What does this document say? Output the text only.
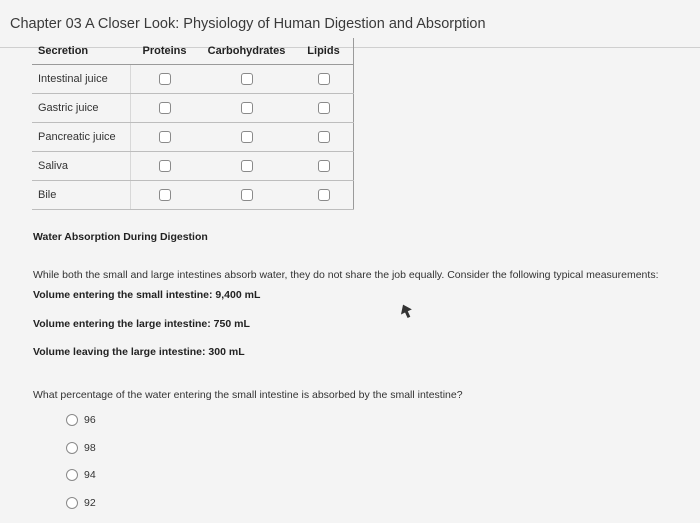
Chapter 03 A Closer Look: Physiology of Human Digestion and Absorption
Secretion	Proteins	Carbohydrates	Lipids
Intestinal juice			
Gastric juice			
Pancreatic juice			
Saliva			
Bile			
Water Absorption During Digestion
While both the small and large intestines absorb water, they do not share the job equally. Consider the following typical measurements:
Volume entering the small intestine: 9,400 mL
Volume entering the large intestine: 750 mL
Volume leaving the large intestine: 300 mL
What percentage of the water entering the small intestine is absorbed by the small intestine?
96
98
94
92
